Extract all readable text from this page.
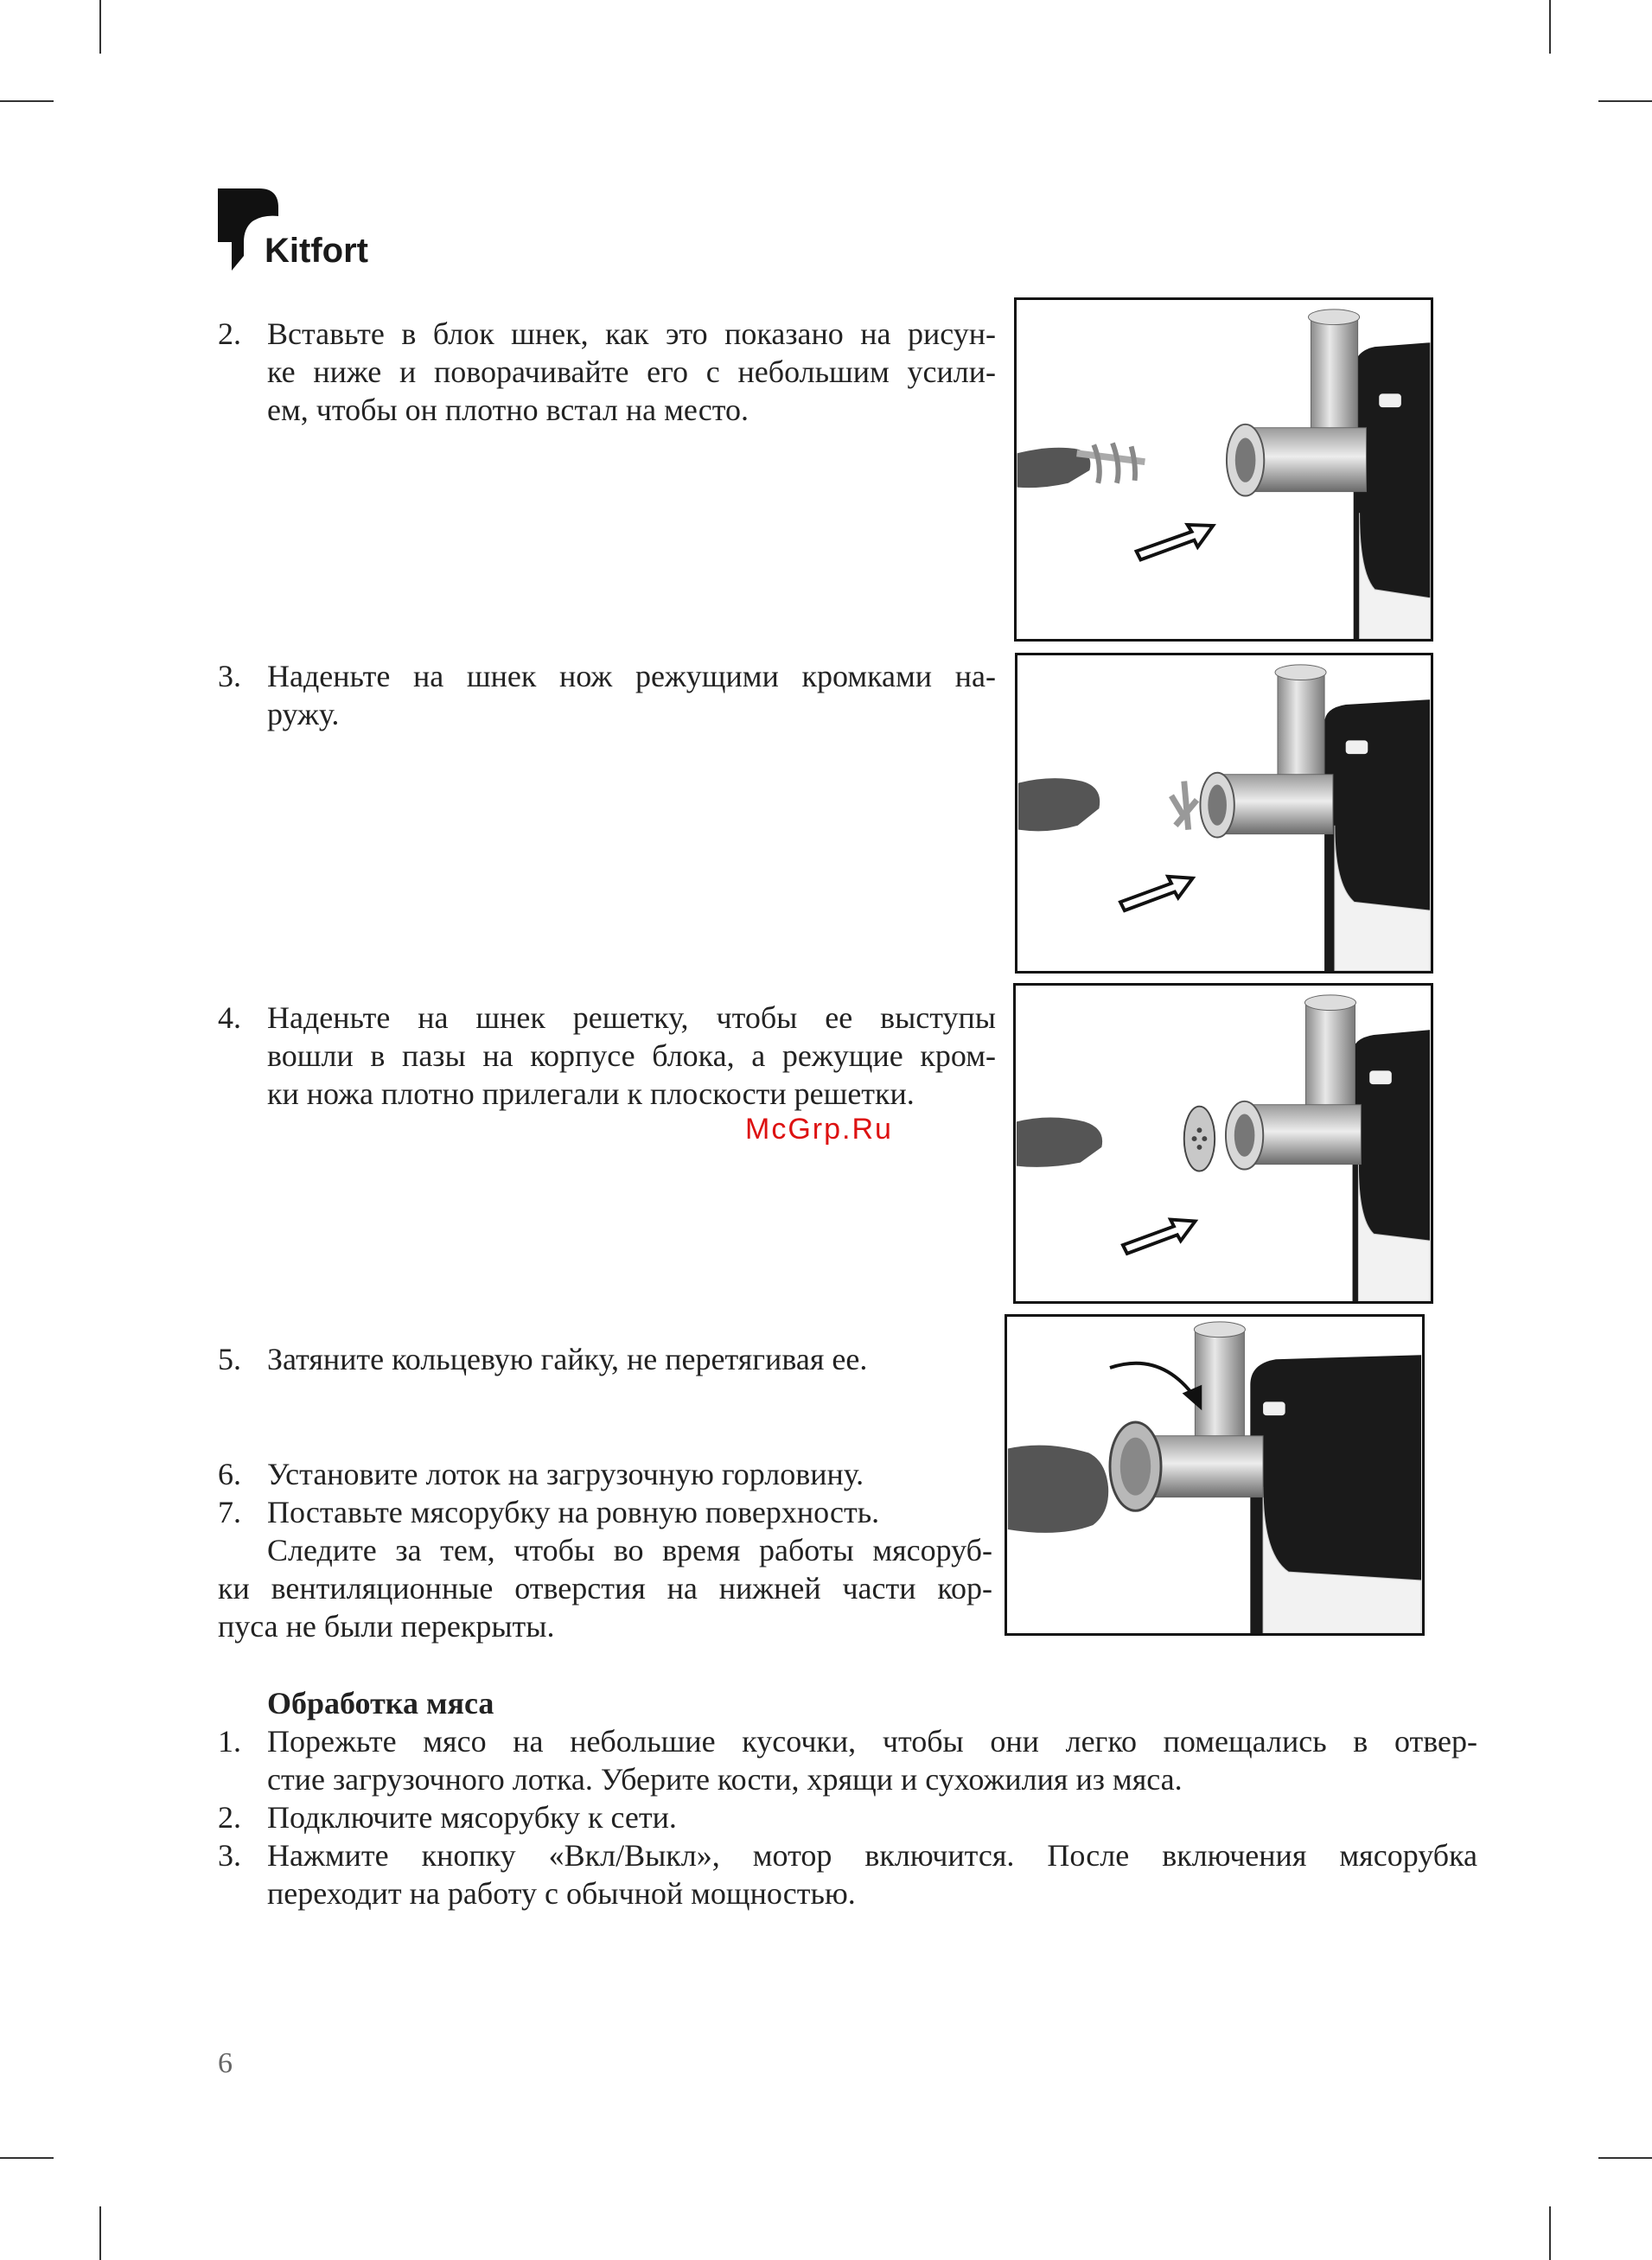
Kitfort
2. Вставьте в блок шнек, как это показано на рисун-
ке ниже и поворачивайте его с небольшим усили-
ем, чтобы он плотно встал на место.
3. Наденьте на шнек нож режущими кромками на-
ружу.
4. Наденьте на шнек решетку, чтобы ее выступы
вошли в пазы на корпусе блока, а режущие кром-
ки ножа плотно прилегали к плоскости решетки.
McGrp.Ru
5. Затяните кольцевую гайку, не перетягивая ее.
6. Установите лоток на загрузочную горловину.
7. Поставьте мясорубку на ровную поверхность.
Следите за тем, чтобы во время работы мясоруб-
ки вентиляционные отверстия на нижней части кор-
пуса не были перекрыты.
Обработка мяса
1. Порежьте мясо на небольшие кусочки, чтобы они легко помещались в отвер-
стие загрузочного лотка. Уберите кости, хрящи и сухожилия из мяса.
2. Подключите мясорубку к сети.
3. Нажмите кнопку «Вкл/Выкл», мотор включится. После включения мясорубка
переходит на работу с обычной мощностью.
6
